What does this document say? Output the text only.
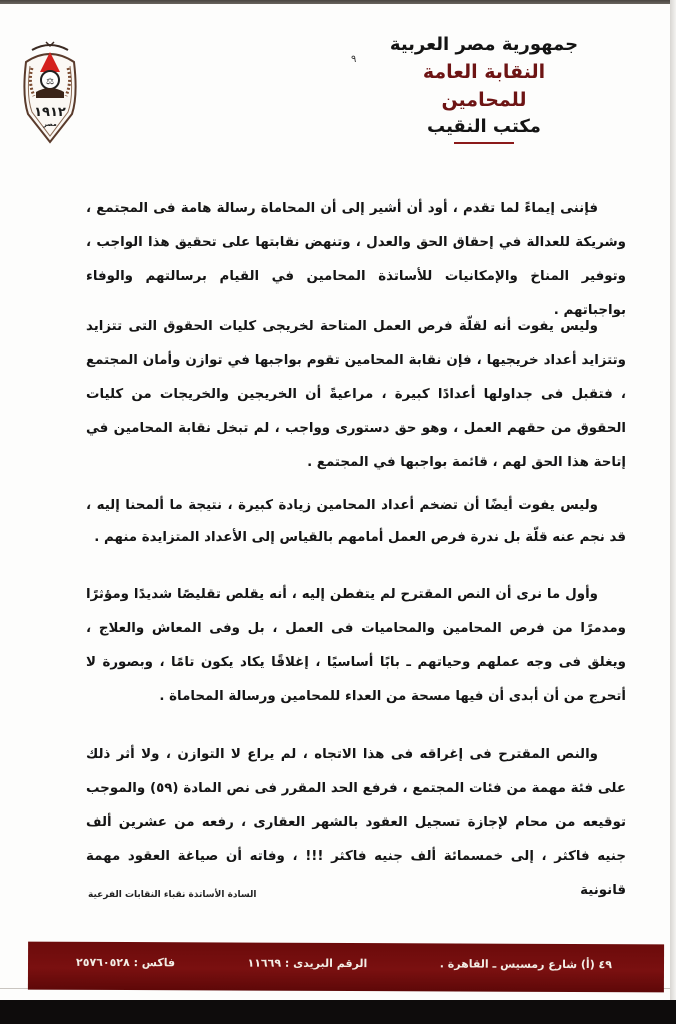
⚖
١٩١٢
مصر
٩
جمهورية مصر العربية
النقابة العامة للمحامين
مكتب النقيب
فإننى إيماءً لما تقدم ، أود أن أشير إلى أن المحاماة رسالة هامة فى المجتمع ، وشريكة للعدالة في إحقاق الحق والعدل ، وتنهض نقابتها على تحقيق هذا الواجب ، وتوفير المناخ والإمكانيات للأساتذة المحامين في القيام برسالتهم والوفاء بواجباتهم .
وليس يفوت أنه لقلّة فرص العمل المتاحة لخريجى كليات الحقوق التى تتزايد وتتزايد أعداد خريجيها ، فإن نقابة المحامين تقوم بواجبها في توازن وأمان المجتمع ، فتقبل فى جداولها أعدادًا كبيرة ، مراعيةً أن الخريجين والخريجات من كليات الحقوق من حقهم العمل ، وهو حق دستورى وواجب ، لم تبخل نقابة المحامين في إتاحة هذا الحق لهم ، قائمة بواجبها في المجتمع .
وليس يفوت أيضًا أن تضخم أعداد المحامين زيادة كبيرة ، نتيجة ما ألمحنا إليه ، قد نجم عنه قلّة بل ندرة فرص العمل أمامهم بالقياس إلى الأعداد المتزايدة منهم .
وأول ما نرى أن النص المقترح لم يتفطن إليه ، أنه يقلص تقليصًا شديدًا ومؤثرًا ومدمرًا من فرص المحامين والمحاميات فى العمل ، بل وفى المعاش والعلاج ، ويغلق فى وجه عملهم وحياتهم ـ بابًا أساسيًا ، إغلاقًا يكاد يكون تامًا ، وبصورة لا أتحرج من أن أبدى أن فيها مسحة من العداء للمحامين ورسالة المحاماة .
والنص المقترح فى إغراقه فى هذا الاتجاه ، لم يراع لا التوازن ، ولا أثر ذلك على فئة مهمة من فئات المجتمع ، فرفع الحد المقرر فى نص المادة (٥٩) والموجب توقيعه من محام لإجازة تسجيل العقود بالشهر العقارى ، رفعه من عشرين ألف جنيه فاكثر ، إلى خمسمائة ألف جنيه فاكثر !!! ، وفاته أن صياغة العقود مهمة قانونية
السادة الأساتذة نقباء النقابات الفرعية
٤٩ (أ) شارع رمسيس ـ القاهرة .
الرقم البريدى : ١١٦٦٩
فاكس : ٢٥٧٦٠٥٢٨
